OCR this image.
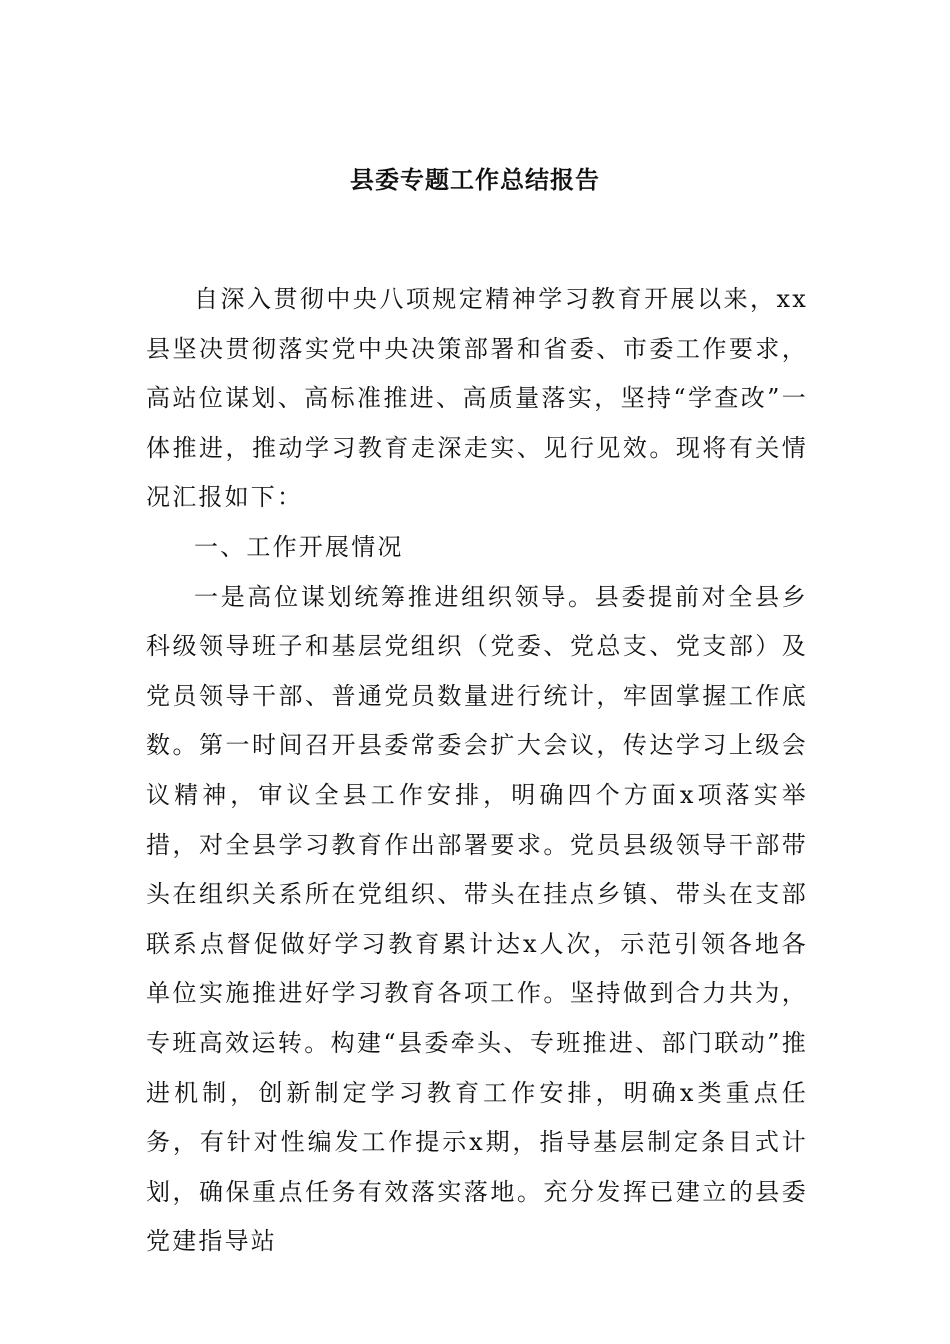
县委专题工作总结报告

自深入贯彻中央八项规定精神学习教育开展以来，xx县坚决贯彻落实党中央决策部署和省委、市委工作要求，高站位谋划、高标准推进、高质量落实，坚持“学查改”一体推进，推动学习教育走深走实、见行见效。现将有关情况汇报如下：

一、工作开展情况

一是高位谋划统筹推进组织领导。县委提前对全县乡科级领导班子和基层党组织（党委、党总支、党支部）及党员领导干部、普通党员数量进行统计，牢固掌握工作底数。第一时间召开县委常委会扩大会议，传达学习上级会议精神，审议全县工作安排，明确四个方面x项落实举措，对全县学习教育作出部署要求。党员县级领导干部带头在组织关系所在党组织、带头在挂点乡镇、带头在支部联系点督促做好学习教育累计达x人次，示范引领各地各单位实施推进好学习教育各项工作。坚持做到合力共为，专班高效运转。构建“县委牵头、专班推进、部门联动”推进机制，创新制定学习教育工作安排，明确x类重点任务，有针对性编发工作提示x期，指导基层制定条目式计划，确保重点任务有效落实落地。充分发挥已建立的县委党建指导站
